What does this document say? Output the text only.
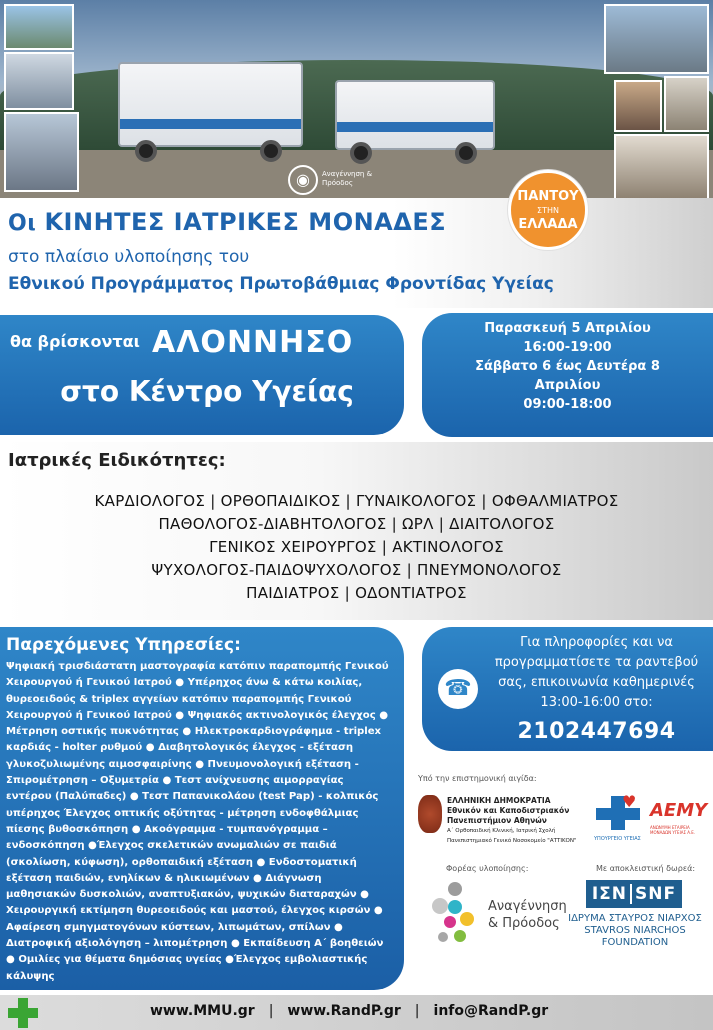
◉	Αναγέννηση & Πρόοδος
Οι ΚΙΝΗΤΕΣ ΙΑΤΡΙΚΕΣ ΜΟΝΑΔΕΣ
στο πλαίσιο υλοποίησης του
Εθνικού Προγράμματος Πρωτοβάθμιας Φροντίδας Υγείας
ΠΑΝΤΟΥ
ΣΤΗΝ
ΕΛΛΑΔΑ
θα βρίσκονται ΑΛΟΝΝΗΣΟ
στο Κέντρο Υγείας
Παρασκευή 5 Απριλίου
16:00-19:00
Σάββατο 6 έως Δευτέρα 8
Απριλίου
09:00-18:00
Ιατρικές Ειδικότητες:
ΚΑΡΔΙΟΛΟΓΟΣ | ΟΡΘΟΠΑΙΔΙΚΟΣ | ΓΥΝΑΙΚΟΛΟΓΟΣ | ΟΦΘΑΛΜΙΑΤΡΟΣ
ΠΑΘΟΛΟΓΟΣ-ΔΙΑΒΗΤΟΛΟΓΟΣ | ΩΡΛ | ΔΙΑΙΤΟΛΟΓΟΣ
ΓΕΝΙΚΟΣ ΧΕΙΡΟΥΡΓΟΣ | ΑΚΤΙΝΟΛΟΓΟΣ
ΨΥΧΟΛΟΓΟΣ-ΠΑΙΔΟΨΥΧΟΛΟΓΟΣ | ΠΝΕΥΜΟΝΟΛΟΓΟΣ
ΠΑΙΔΙΑΤΡΟΣ | ΟΔΟΝΤΙΑΤΡΟΣ
Παρεχόμενες Υπηρεσίες:
Ψηφιακή τρισδιάστατη μαστογραφία κατόπιν παραπομπής Γενικού Χειρουργού ή Γενικού Ιατρού ● Υπέρηχος άνω & κάτω κοιλίας, θυρεοειδούς & triplex αγγείων κατόπιν παραπομπής Γενικού Χειρουργού ή Γενικού Ιατρού ● Ψηφιακός ακτινολογικός έλεγχος ● Μέτρηση οστικής πυκνότητας ● Ηλεκτροκαρδιογράφημα - triplex καρδιάς - holter ρυθμού ● Διαβητολογικός έλεγχος - εξέταση γλυκοζυλιωμένης αιμοσφαιρίνης ● Πνευμονολογική εξέταση - Σπιρομέτρηση – Οξυμετρία ● Τεστ ανίχνευσης αιμορραγίας εντέρου (Παλύπαδες) ● Τεστ Παπανικολάου (test Pap) - κολπικός υπέρηχος Έλεγχος οπτικής οξύτητας - μέτρηση ενδοφθάλμιας πίεσης βυθοσκόπηση ● Ακοόγραμμα - τυμπανόγραμμα – ενδοσκόπηση ●Έλεγχος σκελετικών ανωμαλιών σε παιδιά (σκολίωση, κύφωση), ορθοπαιδική εξέταση ● Ενδοστοματική εξέταση παιδιών, ενηλίκων & ηλικιωμένων ● Διάγνωση μαθησιακών δυσκολιών, αναπτυξιακών, ψυχικών διαταραχών ● Χειρουργική εκτίμηση θυρεοειδούς και μαστού, έλεγχος κιρσών ● Αφαίρεση σμηγματογόνων κύστεων, λιπωμάτων, σπίλων ● Διατροφική αξιολόγηση – λιπομέτρηση ● Εκπαίδευση Α΄ βοηθειών ● Ομιλίες για θέματα δημόσιας υγείας ●Έλεγχος εμβολιαστικής κάλυψης
☎
Για πληροφορίες και να προγραμματίσετε τα ραντεβού σας, επικοινωνία καθημερινές
13:00-16:00 στο:
2102447694
Υπό την επιστημονική αιγίδα:
ΕΛΛΗΝΙΚΗ ΔΗΜΟΚΡΑΤΙΑ
Εθνικόν και Καποδιστριακόν
Πανεπιστήμιον Αθηνών
Α΄ Ορθοπαιδική Κλινική, Ιατρική Σχολή
Πανεπιστημιακό Γενικό Νοσοκομείο "ΑΤΤΙΚΟΝ"
♥
ΥΠΟΥΡΓΕΙΟ ΥΓΕΙΑΣ
AEMY
ΑΝΩΝΥΜΗ ΕΤΑΙΡΕΙΑ ΜΟΝΑΔΩΝ ΥΓΕΙΑΣ Α.Ε.
Φορέας υλοποίησης:
Αναγέννηση
& Πρόοδος
Με αποκλειστική δωρεά:
ΙΣΝ SNF
ΙΔΡΥΜΑ ΣΤΑΥΡΟΣ ΝΙΑΡΧΟΣ
STAVROS NIARCHOS
FOUNDATION
www.MMU.gr | www.RandP.gr | info@RandP.gr
